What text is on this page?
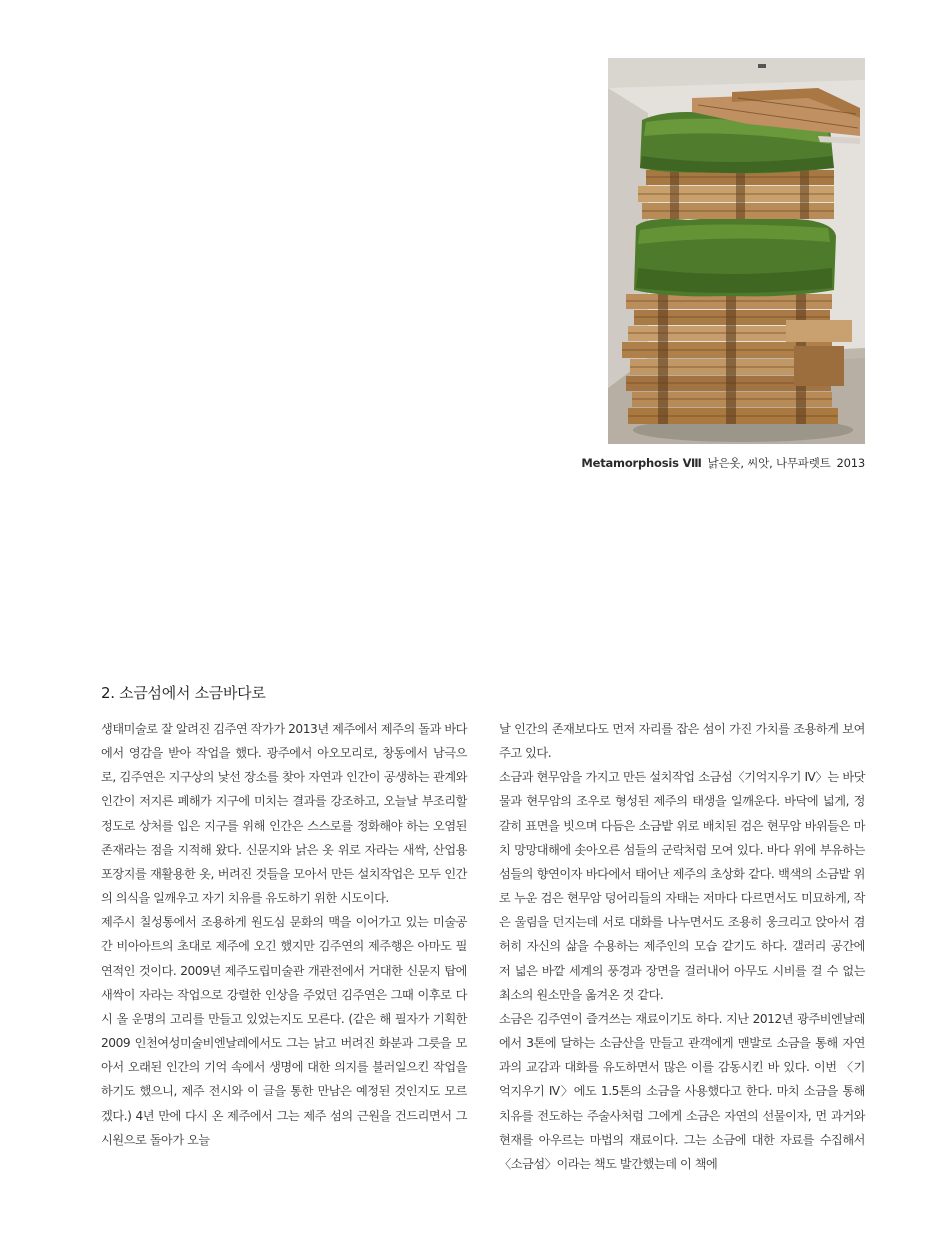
Metamorphosis Ⅷ 낡은옷, 씨앗, 나무파렛트 2013
2. 소금섬에서 소금바다로

생태미술로 잘 알려진 김주연 작가가 2013년 제주에서 제주의 돌과 바다에서 영감을 받아 작업을 했다. 광주에서 아오모리로, 창동에서 남극으로, 김주연은 지구상의 낯선 장소를 찾아 자연과 인간이 공생하는 관계와 인간이 저지른 폐해가 지구에 미치는 결과를 강조하고, 오늘날 부조리할 정도로 상처를 입은 지구를 위해 인간은 스스로를 정화해야 하는 오염된 존재라는 점을 지적해 왔다. 신문지와 낡은 옷 위로 자라는 새싹, 산업용 포장지를 재활용한 옷, 버려진 것들을 모아서 만든 설치작업은 모두 인간의 의식을 일깨우고 자기 치유를 유도하기 위한 시도이다.

제주시 칠성통에서 조용하게 원도심 문화의 맥을 이어가고 있는 미술공간 비아아트의 초대로 제주에 오긴 했지만 김주연의 제주행은 아마도 필연적인 것이다. 2009년 제주도립미술관 개관전에서 거대한 신문지 탑에 새싹이 자라는 작업으로 강렬한 인상을 주었던 김주연은 그때 이후로 다시 올 운명의 고리를 만들고 있었는지도 모른다. (같은 해 필자가 기획한 2009 인천여성미술비엔날레에서도 그는 낡고 버려진 화분과 그릇을 모아서 오래된 인간의 기억 속에서 생명에 대한 의지를 불러일으킨 작업을 하기도 했으니, 제주 전시와 이 글을 통한 만남은 예정된 것인지도 모르겠다.) 4년 만에 다시 온 제주에서 그는 제주 섬의 근원을 건드리면서 그 시원으로 돌아가 오늘

날 인간의 존재보다도 먼저 자리를 잡은 섬이 가진 가치를 조용하게 보여주고 있다.

소금과 현무암을 가지고 만든 설치작업 소금섬〈기억지우기 Ⅳ〉는 바닷물과 현무암의 조우로 형성된 제주의 태생을 일깨운다. 바닥에 넓게, 정갈히 표면을 빗으며 다듬은 소금밭 위로 배치된 검은 현무암 바위들은 마치 망망대해에 솟아오른 섬들의 군락처럼 모여 있다. 바다 위에 부유하는 섬들의 향연이자 바다에서 태어난 제주의 초상화 같다. 백색의 소금밭 위로 누운 검은 현무암 덩어리들의 자태는 저마다 다르면서도 미묘하게, 작은 울림을 던지는데 서로 대화를 나누면서도 조용히 웅크리고 앉아서 겸허히 자신의 삶을 수용하는 제주인의 모습 같기도 하다. 갤러리 공간에 저 넓은 바깥 세계의 풍경과 장면을 걸러내어 아무도 시비를 걸 수 없는 최소의 원소만을 옮겨온 것 같다.

소금은 김주연이 즐겨쓰는 재료이기도 하다. 지난 2012년 광주비엔날레에서 3톤에 달하는 소금산을 만들고 관객에게 맨발로 소금을 통해 자연과의 교감과 대화를 유도하면서 많은 이를 감동시킨 바 있다. 이번 〈기억지우기 Ⅳ〉에도 1.5톤의 소금을 사용했다고 한다. 마치 소금을 통해 치유를 전도하는 주술사처럼 그에게 소금은 자연의 선물이자, 먼 과거와 현재를 아우르는 마법의 재료이다. 그는 소금에 대한 자료를 수집해서 〈소금섬〉이라는 책도 발간했는데 이 책에
